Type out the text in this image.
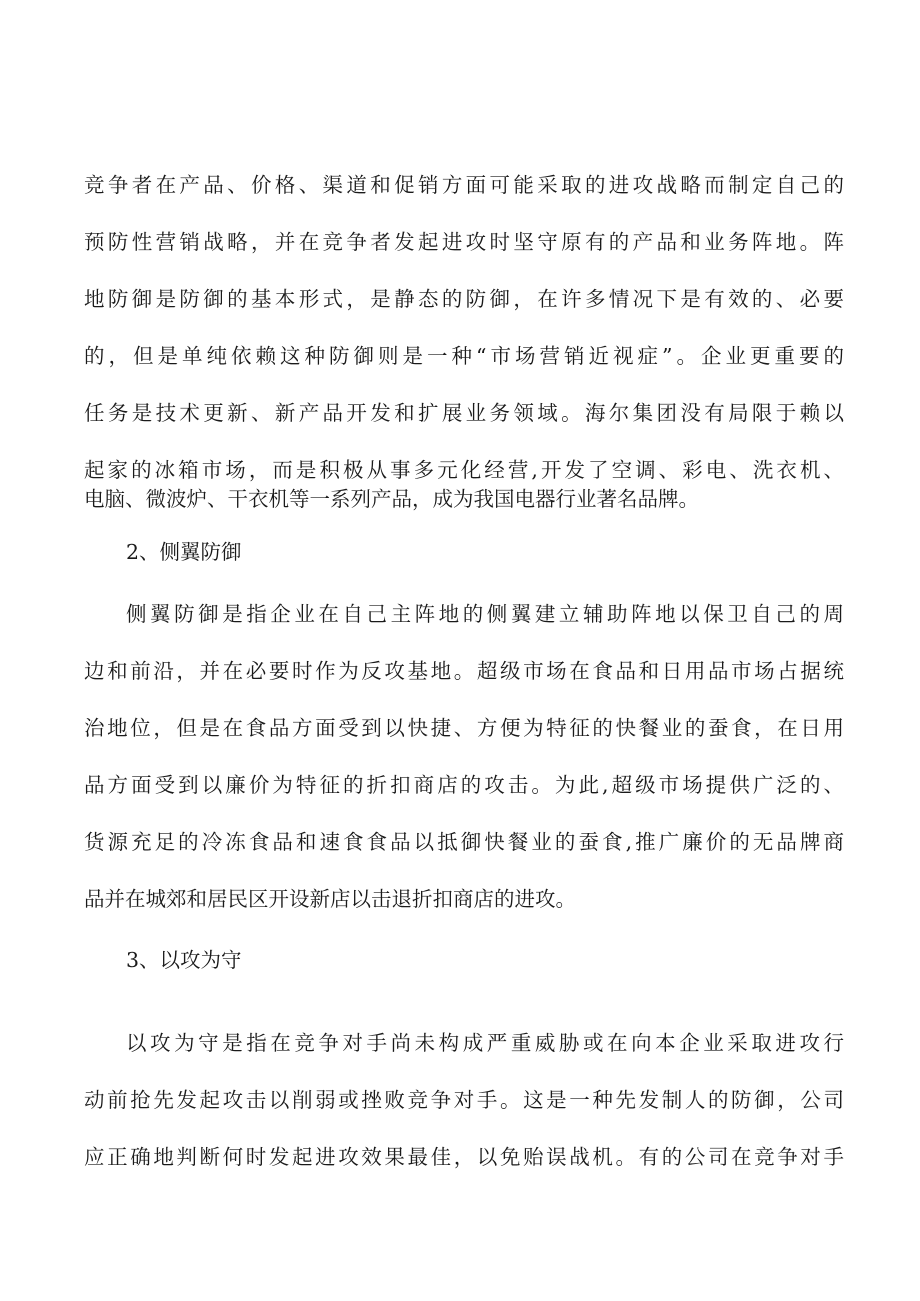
竞争者在产品、价格、渠道和促销方面可能采取的进攻战略而制定自己的

预防性营销战略，并在竞争者发起进攻时坚守原有的产品和业务阵地。阵

地防御是防御的基本形式，是静态的防御，在许多情况下是有效的、必要

的，但是单纯依赖这种防御则是一种“市场营销近视症”。企业更重要的

任务是技术更新、新产品开发和扩展业务领域。海尔集团没有局限于赖以

起家的冰箱市场，而是积极从事多元化经营,开发了空调、彩电、洗衣机、

电脑、微波炉、干衣机等一系列产品，成为我国电器行业著名品牌。

2、侧翼防御

侧翼防御是指企业在自己主阵地的侧翼建立辅助阵地以保卫自己的周

边和前沿，并在必要时作为反攻基地。超级市场在食品和日用品市场占据统

治地位，但是在食品方面受到以快捷、方便为特征的快餐业的蚕食，在日用

品方面受到以廉价为特征的折扣商店的攻击。为此,超级市场提供广泛的、

货源充足的冷冻食品和速食食品以抵御快餐业的蚕食,推广廉价的无品牌商

品并在城郊和居民区开设新店以击退折扣商店的进攻。

3、以攻为守

以攻为守是指在竞争对手尚未构成严重威胁或在向本企业采取进攻行

动前抢先发起攻击以削弱或挫败竞争对手。这是一种先发制人的防御，公司

应正确地判断何时发起进攻效果最佳，以免贻误战机。有的公司在竞争对手
